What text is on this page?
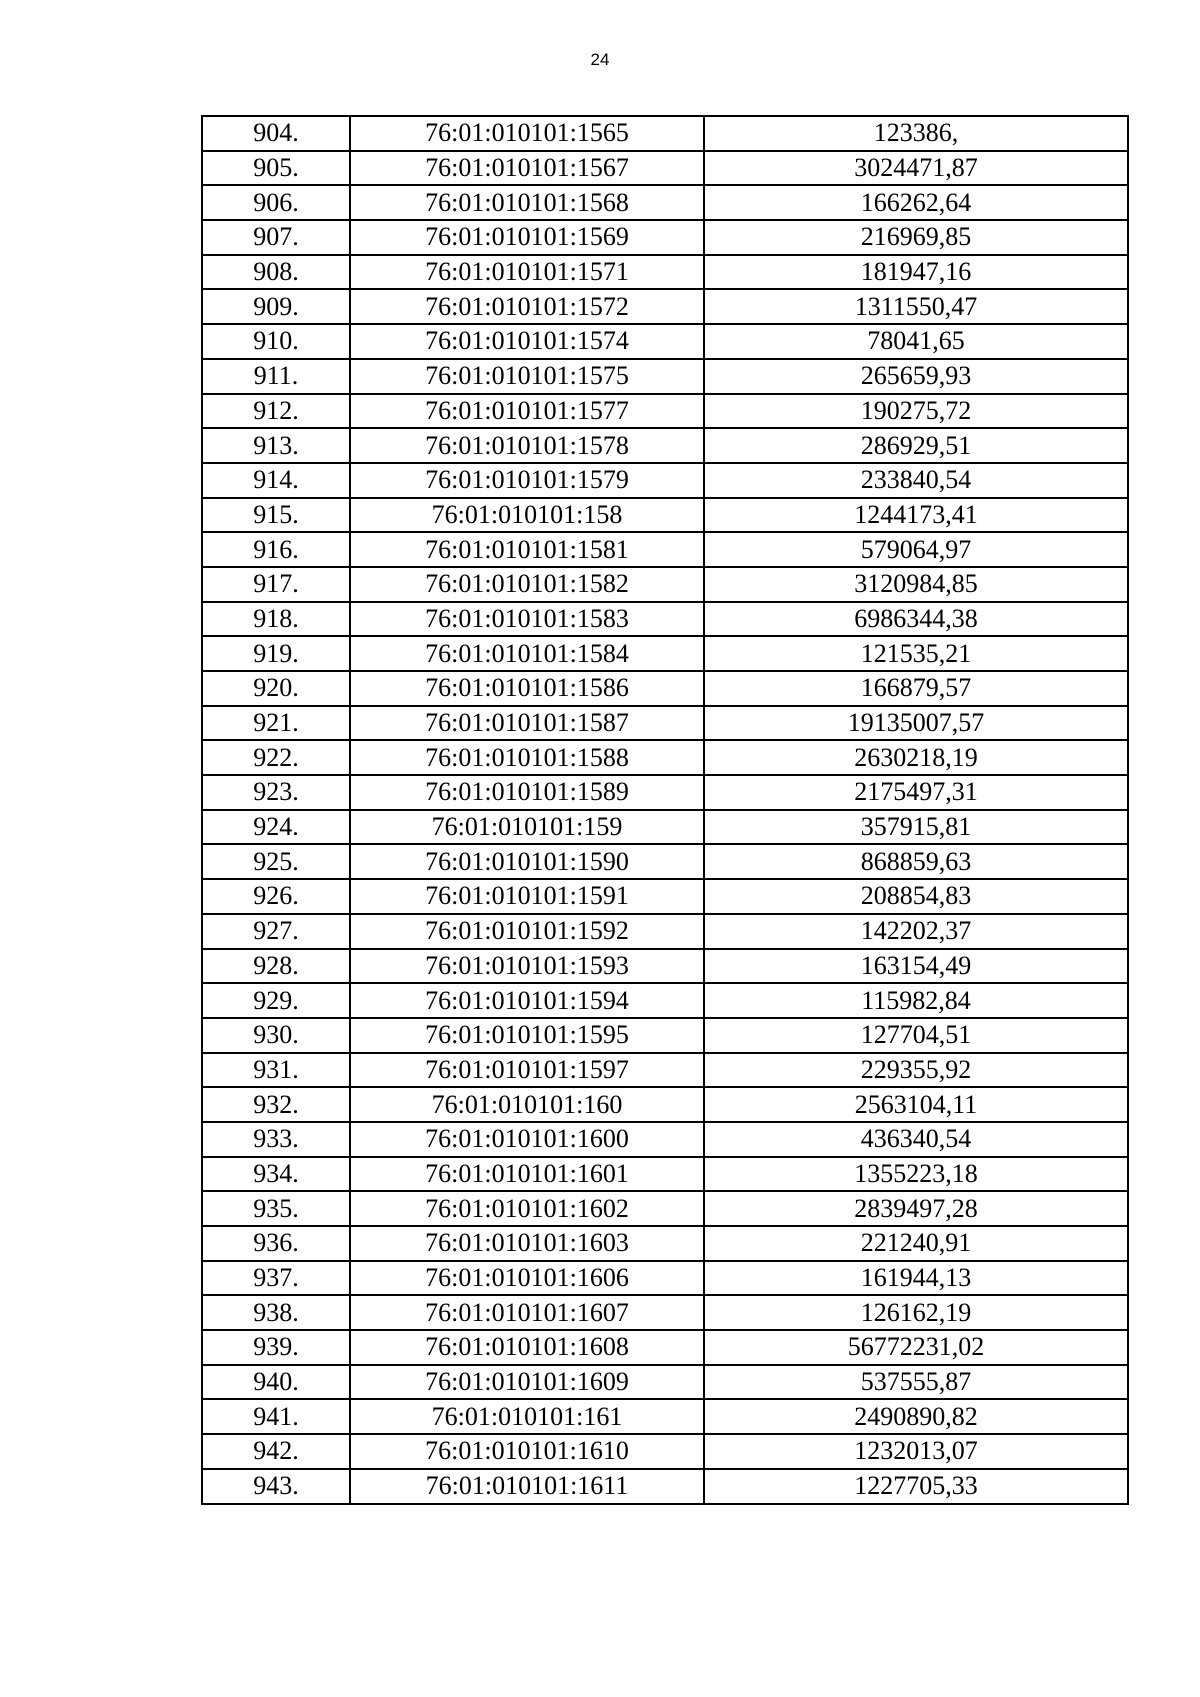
24
904.	76:01:010101:1565	123386,
905.	76:01:010101:1567	3024471,87
906.	76:01:010101:1568	166262,64
907.	76:01:010101:1569	216969,85
908.	76:01:010101:1571	181947,16
909.	76:01:010101:1572	1311550,47
910.	76:01:010101:1574	78041,65
911.	76:01:010101:1575	265659,93
912.	76:01:010101:1577	190275,72
913.	76:01:010101:1578	286929,51
914.	76:01:010101:1579	233840,54
915.	76:01:010101:158	1244173,41
916.	76:01:010101:1581	579064,97
917.	76:01:010101:1582	3120984,85
918.	76:01:010101:1583	6986344,38
919.	76:01:010101:1584	121535,21
920.	76:01:010101:1586	166879,57
921.	76:01:010101:1587	19135007,57
922.	76:01:010101:1588	2630218,19
923.	76:01:010101:1589	2175497,31
924.	76:01:010101:159	357915,81
925.	76:01:010101:1590	868859,63
926.	76:01:010101:1591	208854,83
927.	76:01:010101:1592	142202,37
928.	76:01:010101:1593	163154,49
929.	76:01:010101:1594	115982,84
930.	76:01:010101:1595	127704,51
931.	76:01:010101:1597	229355,92
932.	76:01:010101:160	2563104,11
933.	76:01:010101:1600	436340,54
934.	76:01:010101:1601	1355223,18
935.	76:01:010101:1602	2839497,28
936.	76:01:010101:1603	221240,91
937.	76:01:010101:1606	161944,13
938.	76:01:010101:1607	126162,19
939.	76:01:010101:1608	56772231,02
940.	76:01:010101:1609	537555,87
941.	76:01:010101:161	2490890,82
942.	76:01:010101:1610	1232013,07
943.	76:01:010101:1611	1227705,33
